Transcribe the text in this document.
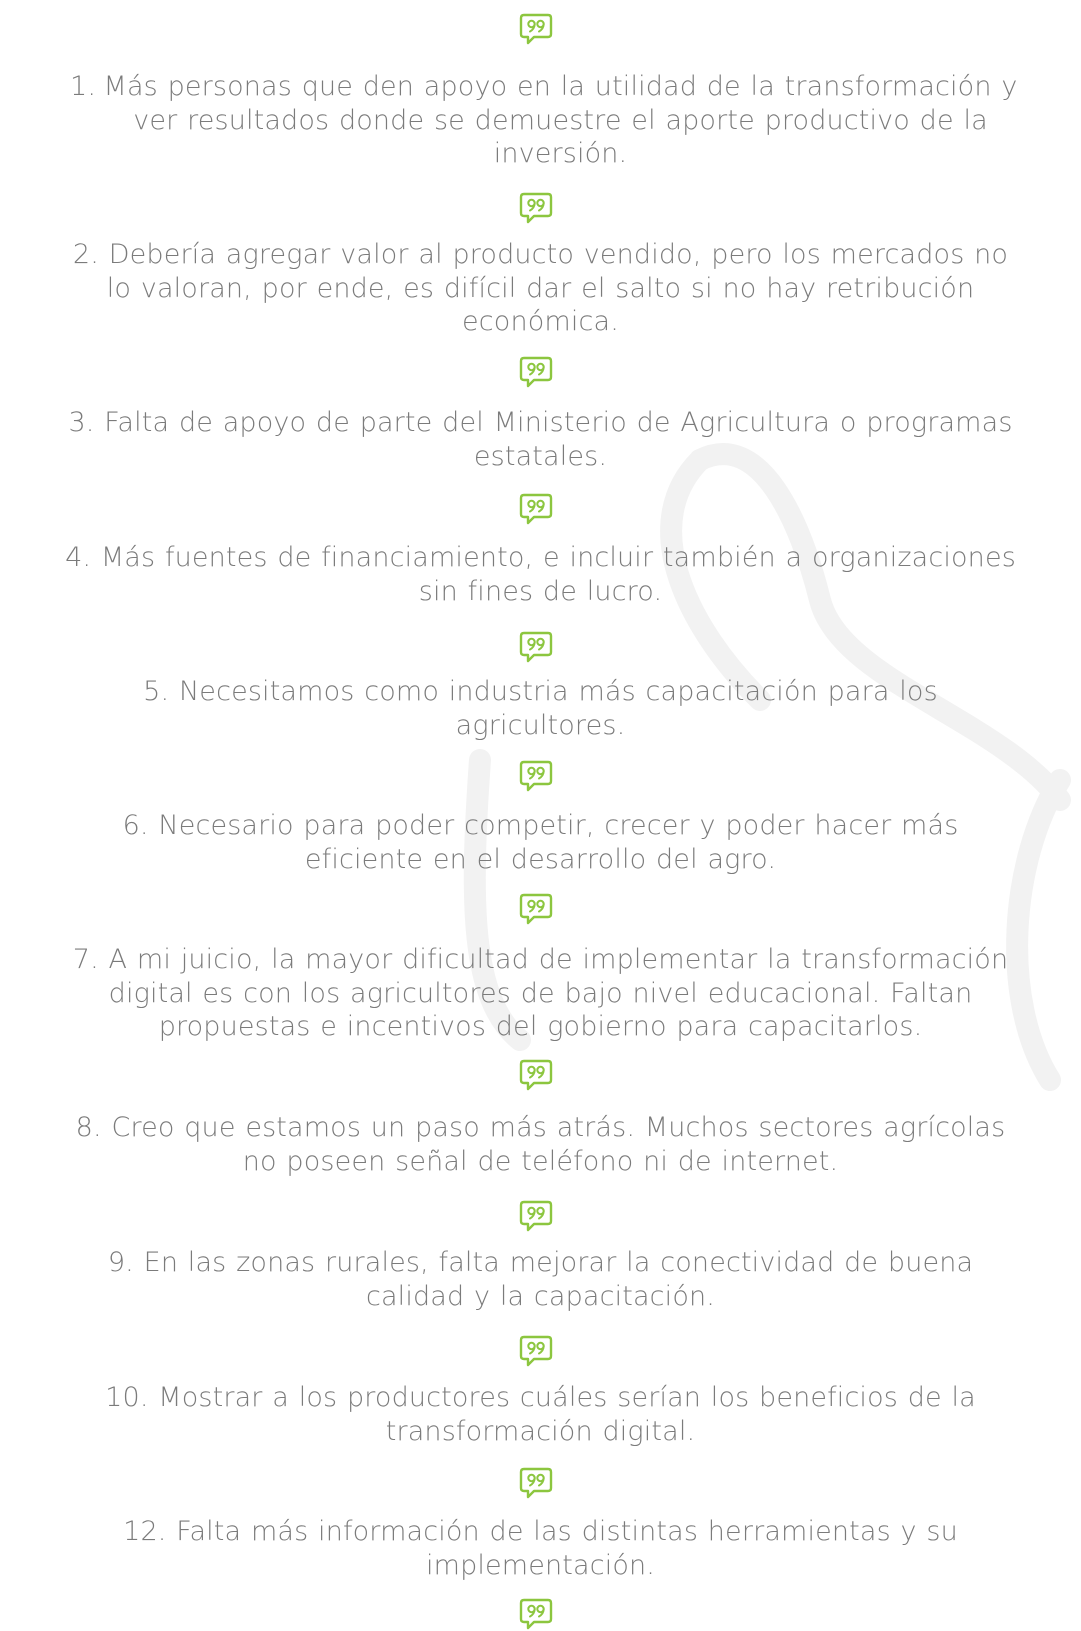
1. Más personas que den apoyo en la utilidad de la transformación y ver resultados donde se demuestre el aporte productivo de la inversión.

2. Debería agregar valor al producto vendido, pero los mercados no lo valoran, por ende, es difícil dar el salto si no hay retribución económica.

3. Falta de apoyo de parte del Ministerio de Agricultura o programas estatales.

4. Más fuentes de financiamiento, e incluir también a organizaciones sin fines de lucro.

5. Necesitamos como industria más capacitación para los agricultores.

6. Necesario para poder competir, crecer y poder hacer más eficiente en el desarrollo del agro.

7. A mi juicio, la mayor dificultad de implementar la transformación digital es con los agricultores de bajo nivel educacional. Faltan propuestas e incentivos del gobierno para capacitarlos.

8. Creo que estamos un paso más atrás. Muchos sectores agrícolas no poseen señal de teléfono ni de internet.

9. En las zonas rurales, falta mejorar la conectividad de buena calidad y la capacitación.

10. Mostrar a los productores cuáles serían los beneficios de la transformación digital.

12. Falta más información de las distintas herramientas y su implementación.
